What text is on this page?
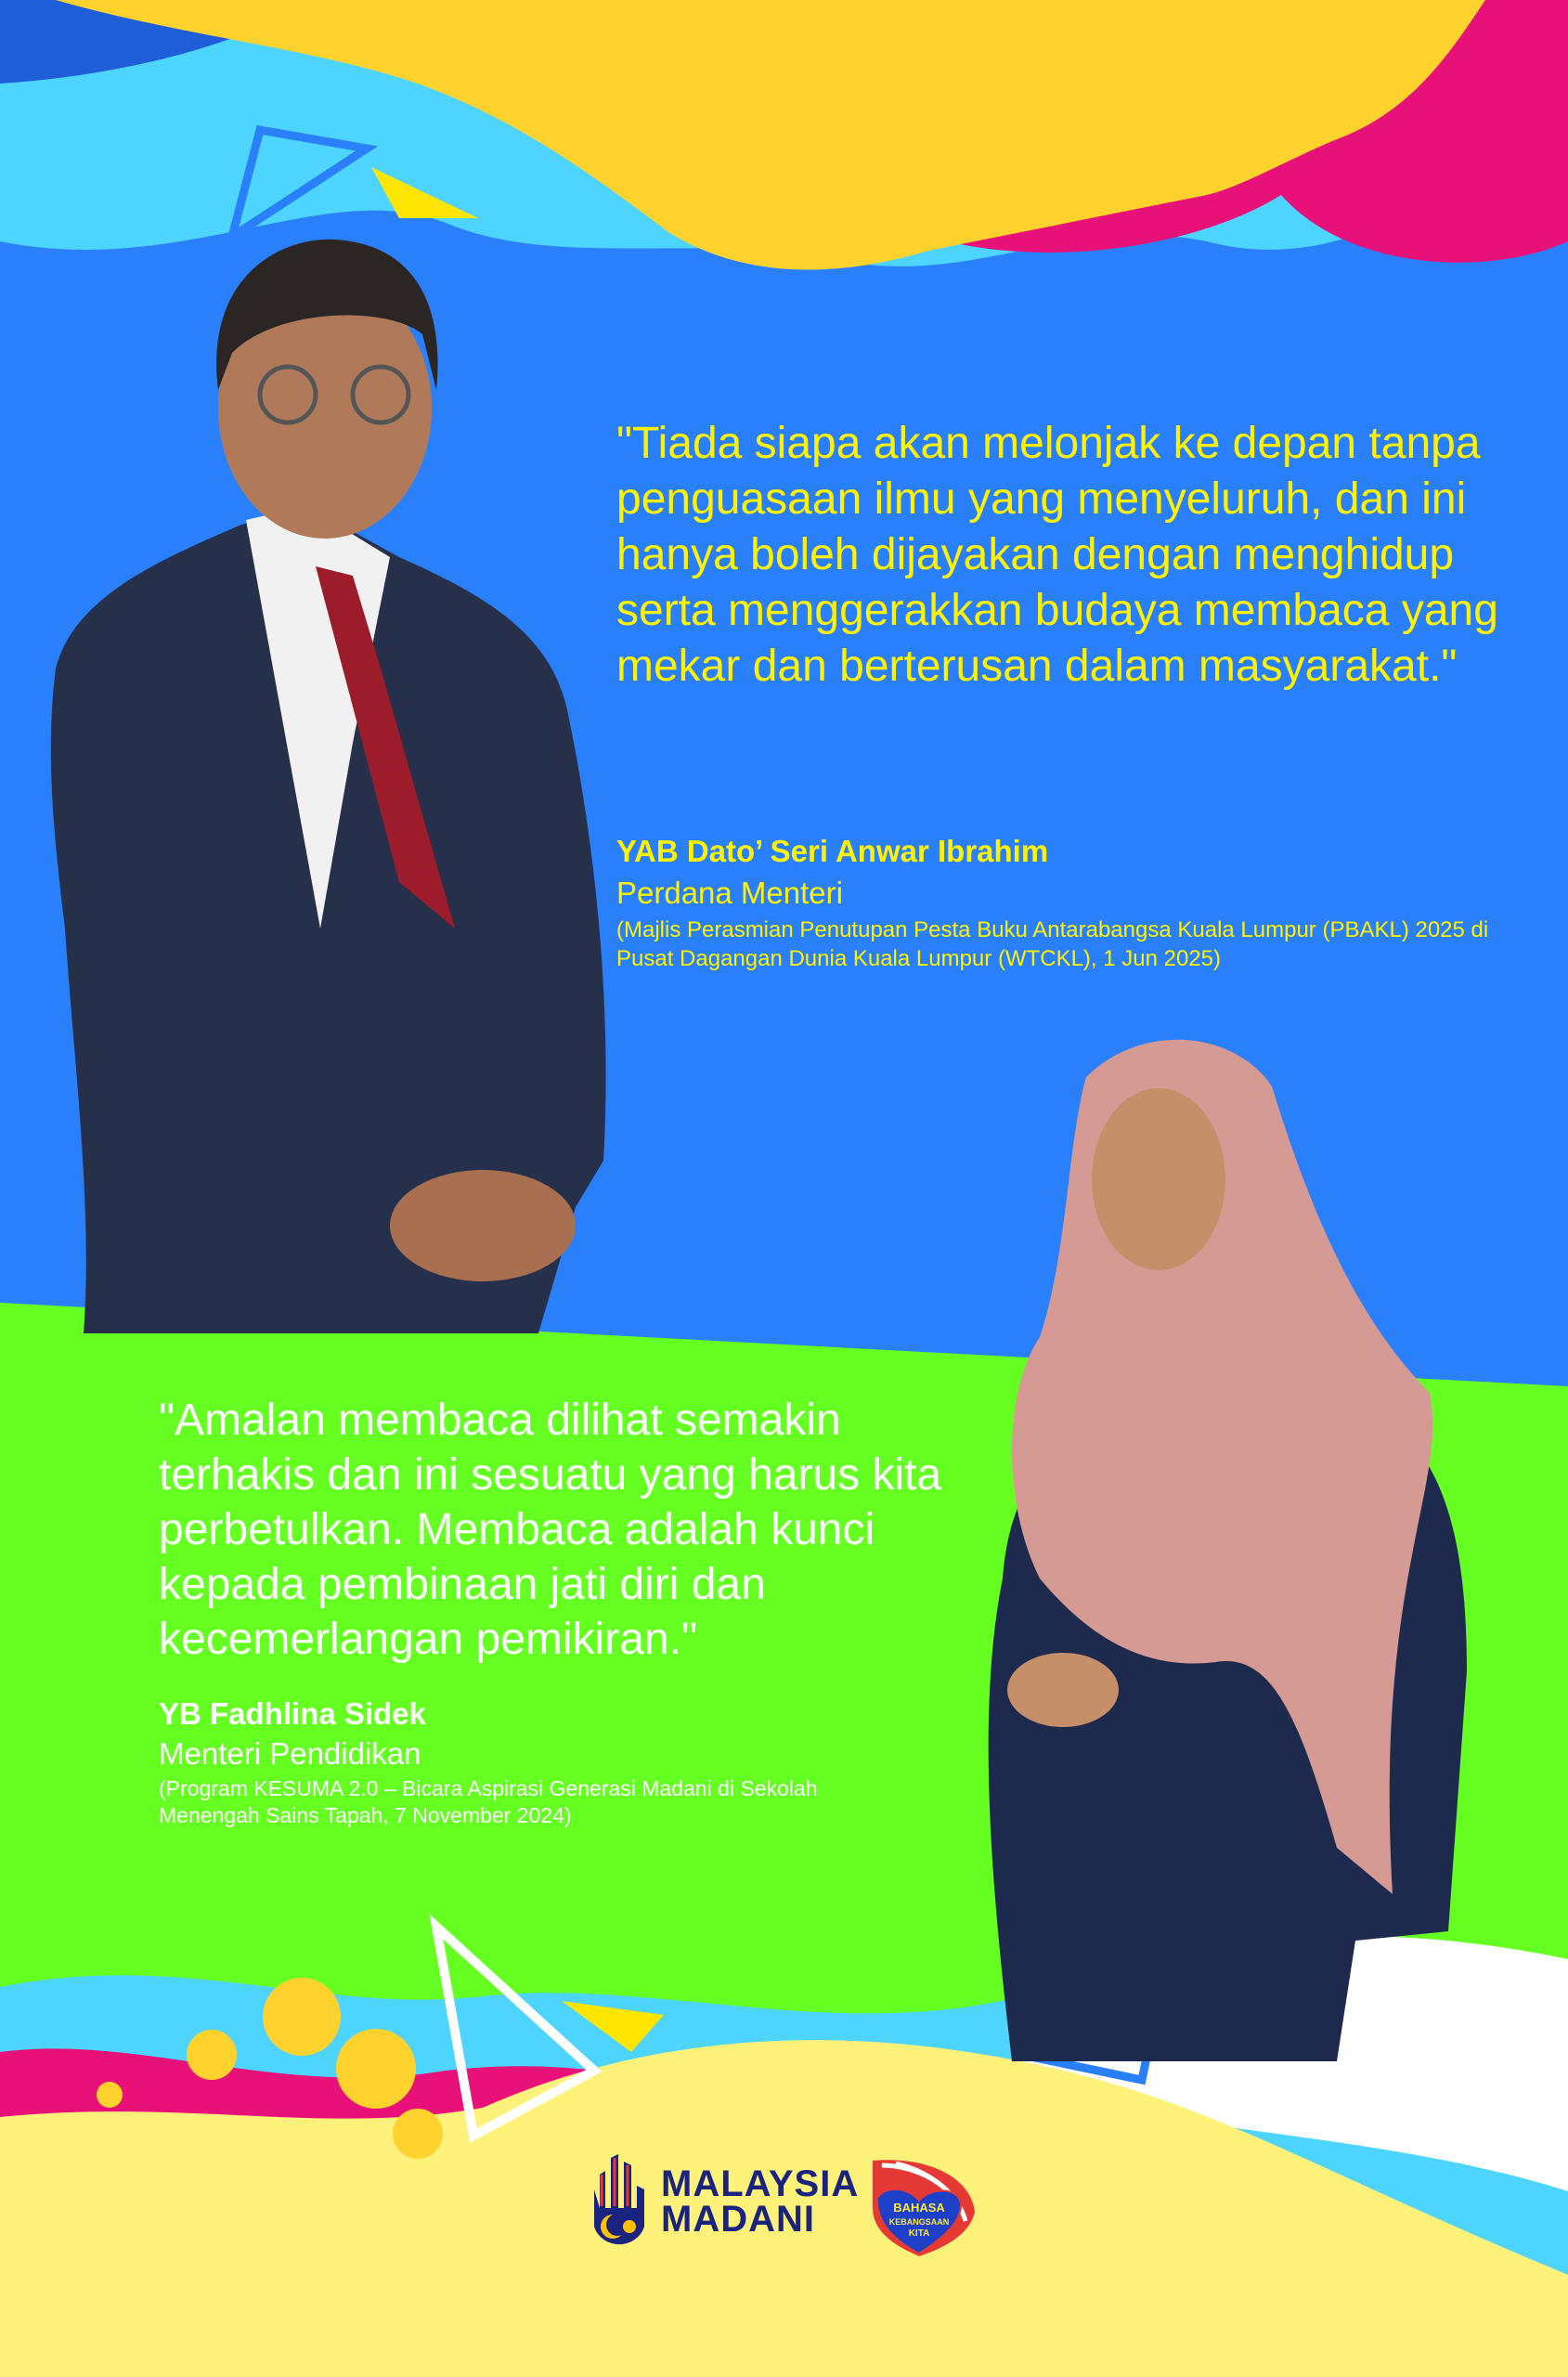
"Tiada siapa akan melonjak ke depan tanpa penguasaan ilmu yang menyeluruh, dan ini hanya boleh dijayakan dengan menghidup serta menggerakkan budaya membaca yang mekar dan berterusan dalam masyarakat."
YAB Dato’ Seri Anwar Ibrahim
Perdana Menteri
(Majlis Perasmian Penutupan Pesta Buku Antarabangsa Kuala Lumpur (PBAKL) 2025 di Pusat Dagangan Dunia Kuala Lumpur (WTCKL), 1 Jun 2025)
"Amalan membaca dilihat semakin terhakis dan ini sesuatu yang harus kita perbetulkan. Membaca adalah kunci kepada pembinaan jati diri dan kecemerlangan pemikiran."
YB Fadhlina Sidek
Menteri Pendidikan
(Program KESUMA 2.0 – Bicara Aspirasi Generasi Madani di Sekolah Menengah Sains Tapah, 7 November 2024)
MALAYSIA
MADANI	BAHASA
KEBANGSAAN
KITA
